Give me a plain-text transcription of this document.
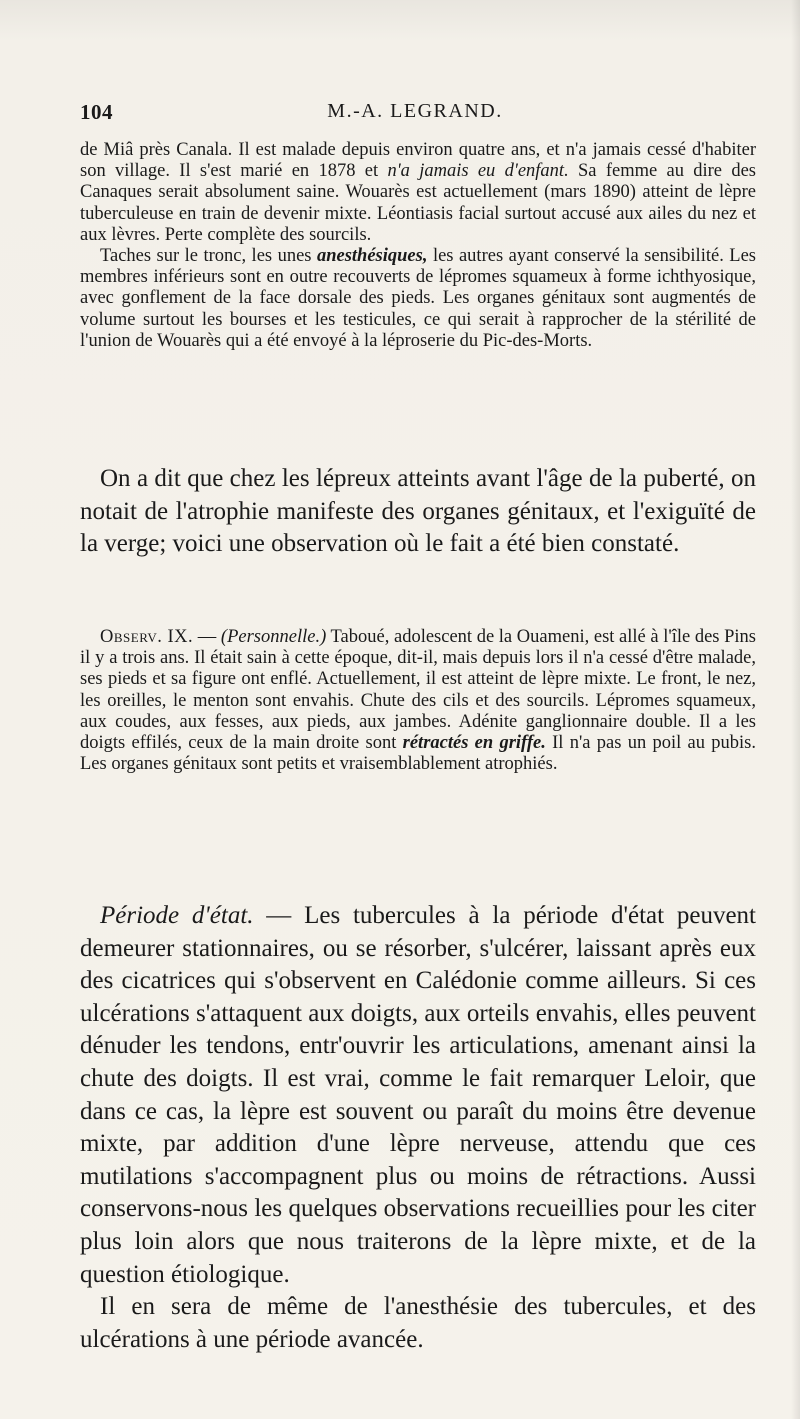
104	M.-A. LEGRAND.

de Miâ près Canala. Il est malade depuis environ quatre ans, et n'a jamais cessé d'habiter son village. Il s'est marié en 1878 et n'a jamais eu d'enfant. Sa femme au dire des Canaques serait absolument saine. Wouarès est actuellement (mars 1890) atteint de lèpre tuberculeuse en train de devenir mixte. Léontiasis facial surtout accusé aux ailes du nez et aux lèvres. Perte complète des sourcils.

Taches sur le tronc, les unes anesthésiques, les autres ayant conservé la sensibilité. Les membres inférieurs sont en outre recouverts de lépromes squameux à forme ichthyosique, avec gonflement de la face dorsale des pieds. Les organes génitaux sont augmentés de volume surtout les bourses et les testicules, ce qui serait à rapprocher de la stérilité de l'union de Wouarès qui a été envoyé à la léproserie du Pic-des-Morts.

On a dit que chez les lépreux atteints avant l'âge de la puberté, on notait de l'atrophie manifeste des organes génitaux, et l'exiguïté de la verge; voici une observation où le fait a été bien constaté.

Observ. IX. — (Personnelle.) Taboué, adolescent de la Ouameni, est allé à l'île des Pins il y a trois ans. Il était sain à cette époque, dit-il, mais depuis lors il n'a cessé d'être malade, ses pieds et sa figure ont enflé. Actuellement, il est atteint de lèpre mixte. Le front, le nez, les oreilles, le menton sont envahis. Chute des cils et des sourcils. Lépromes squameux, aux coudes, aux fesses, aux pieds, aux jambes. Adénite ganglionnaire double. Il a les doigts effilés, ceux de la main droite sont rétractés en griffe. Il n'a pas un poil au pubis. Les organes génitaux sont petits et vraisemblablement atrophiés.

Période d'état. — Les tubercules à la période d'état peuvent demeurer stationnaires, ou se résorber, s'ulcérer, laissant après eux des cicatrices qui s'observent en Calédonie comme ailleurs. Si ces ulcérations s'attaquent aux doigts, aux orteils envahis, elles peuvent dénuder les tendons, entr'ouvrir les articulations, amenant ainsi la chute des doigts. Il est vrai, comme le fait remarquer Leloir, que dans ce cas, la lèpre est souvent ou paraît du moins être devenue mixte, par addition d'une lèpre nerveuse, attendu que ces mutilations s'accompagnent plus ou moins de rétractions. Aussi conservons-nous les quelques observations recueillies pour les citer plus loin alors que nous traiterons de la lèpre mixte, et de la question étiologique.

Il en sera de même de l'anesthésie des tubercules, et des ulcérations à une période avancée.
